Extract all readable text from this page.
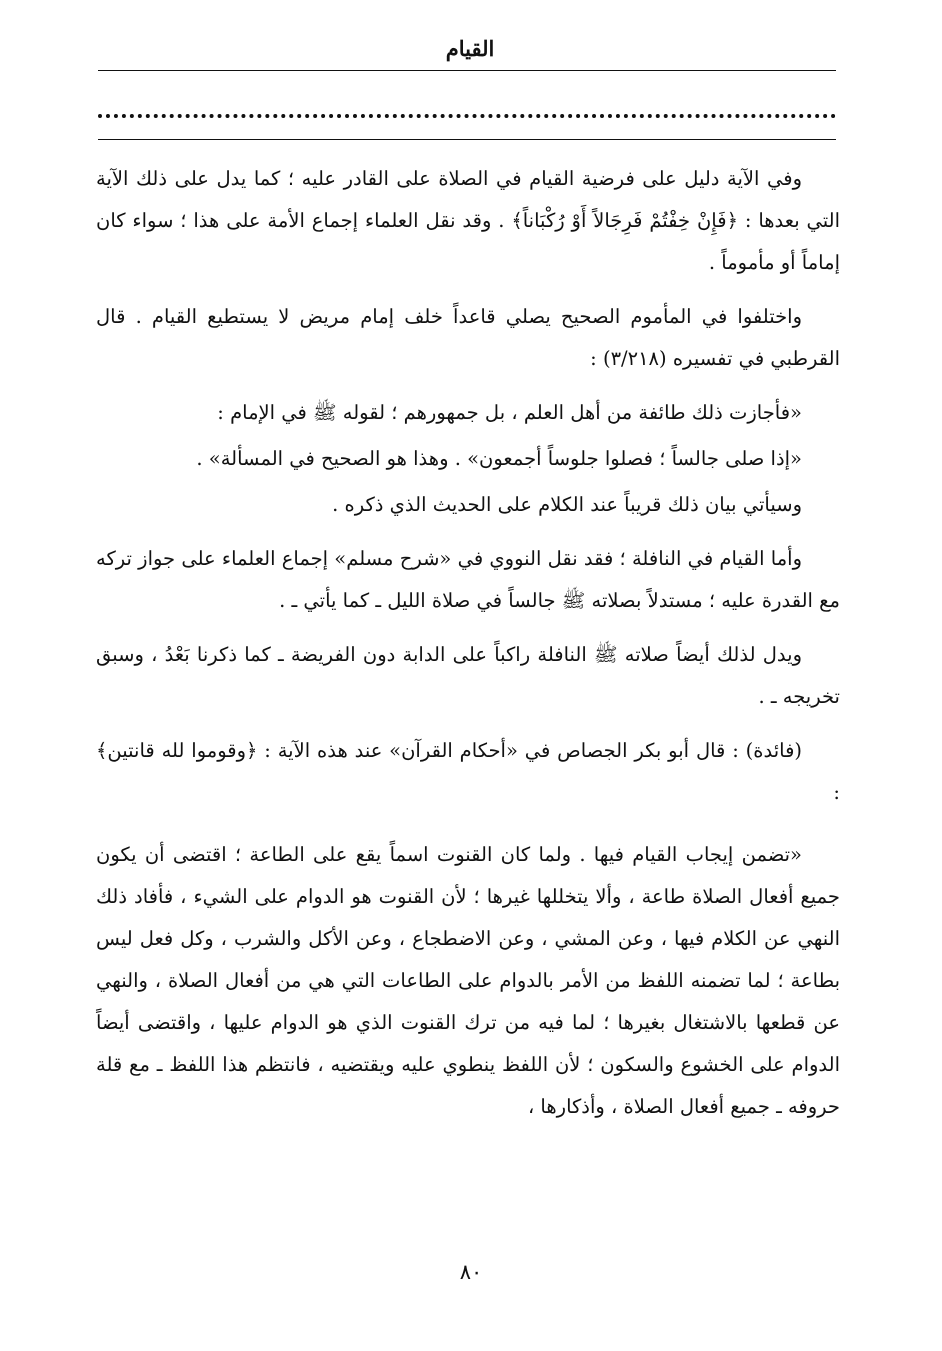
القيام

وفي الآية دليل على فرضية القيام في الصلاة على القادر عليه ؛ كما يدل على ذلك الآية التي بعدها : ﴿فَإِنْ خِفْتُمْ فَرِجَالاً أَوْ رُكْبَاناً﴾ . وقد نقل العلماء إجماع الأمة على هذا ؛ سواء كان إماماً أو مأموماً .

واختلفوا في المأموم الصحيح يصلي قاعداً خلف إمام مريض لا يستطيع القيام . قال القرطبي في تفسيره (٣/٢١٨) :

«فأجازت ذلك طائفة من أهل العلم ، بل جمهورهم ؛ لقوله ﷺ في الإمام :

«إذا صلى جالساً ؛ فصلوا جلوساً أجمعون» . وهذا هو الصحيح في المسألة» .

وسيأتي بيان ذلك قريباً عند الكلام على الحديث الذي ذكره .

وأما القيام في النافلة ؛ فقد نقل النووي في «شرح مسلم» إجماع العلماء على جواز تركه مع القدرة عليه ؛ مستدلاً بصلاته ﷺ جالساً في صلاة الليل ـ كما يأتي ـ .

ويدل لذلك أيضاً صلاته ﷺ النافلة راكباً على الدابة دون الفريضة ـ كما ذكرنا بَعْدُ ، وسبق تخريجه ـ .

(فائدة) : قال أبو بكر الجصاص في «أحكام القرآن» عند هذه الآية : ﴿وقوموا لله قانتين﴾ :

«تضمن إيجاب القيام فيها . ولما كان القنوت اسماً يقع على الطاعة ؛ اقتضى أن يكون جميع أفعال الصلاة طاعة ، وألا يتخللها غيرها ؛ لأن القنوت هو الدوام على الشيء ، فأفاد ذلك النهي عن الكلام فيها ، وعن المشي ، وعن الاضطجاع ، وعن الأكل والشرب ، وكل فعل ليس بطاعة ؛ لما تضمنه اللفظ من الأمر بالدوام على الطاعات التي هي من أفعال الصلاة ، والنهي عن قطعها بالاشتغال بغيرها ؛ لما فيه من ترك القنوت الذي هو الدوام عليها ، واقتضى أيضاً الدوام على الخشوع والسكون ؛ لأن اللفظ ينطوي عليه ويقتضيه ، فانتظم هذا اللفظ ـ مع قلة حروفه ـ جميع أفعال الصلاة ، وأذكارها ،

٨٠
